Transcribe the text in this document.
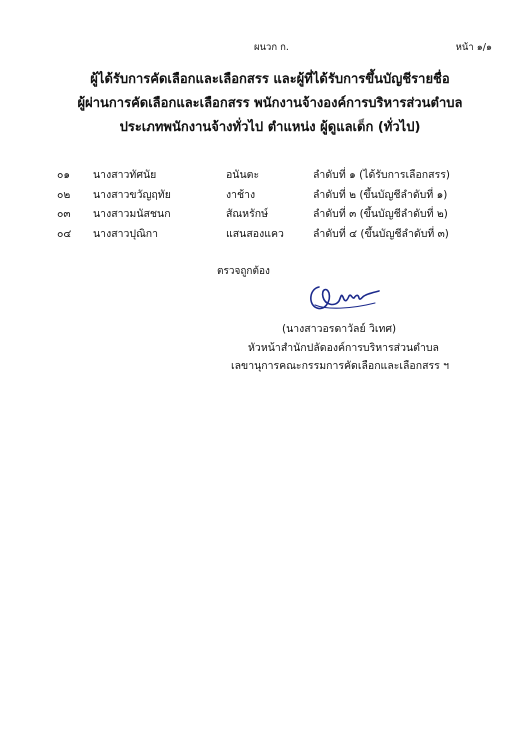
ผนวก ก.	หน้า ๑/๑
ผู้ได้รับการคัดเลือกและเลือกสรร และผู้ที่ได้รับการขึ้นบัญชีรายชื่อ
ผู้ผ่านการคัดเลือกและเลือกสรร พนักงานจ้างองค์การบริหารส่วนตำบล
ประเภทพนักงานจ้างทั่วไป ตำแหน่ง ผู้ดูแลเด็ก (ทั่วไป)
๐๑ นางสาวทัศนัย	อนันตะ	ลำดับที่ ๑ (ได้รับการเลือกสรร)
๐๒ นางสาวขวัญฤทัย	งาช้าง	ลำดับที่ ๒ (ขึ้นบัญชีลำดับที่ ๑)
๐๓ นางสาวมนัสชนก	สัณหรักษ์	ลำดับที่ ๓ (ขึ้นบัญชีลำดับที่ ๒)
๐๔ นางสาวปุณิกา	แสนสองแคว	ลำดับที่ ๔ (ขึ้นบัญชีลำดับที่ ๓)
ตรวจถูกต้อง
(นางสาวอรดาวัลย์ วิเทศ)
หัวหน้าสำนักปลัดองค์การบริหารส่วนตำบล
เลขานุการคณะกรรมการคัดเลือกและเลือกสรร ฯ
